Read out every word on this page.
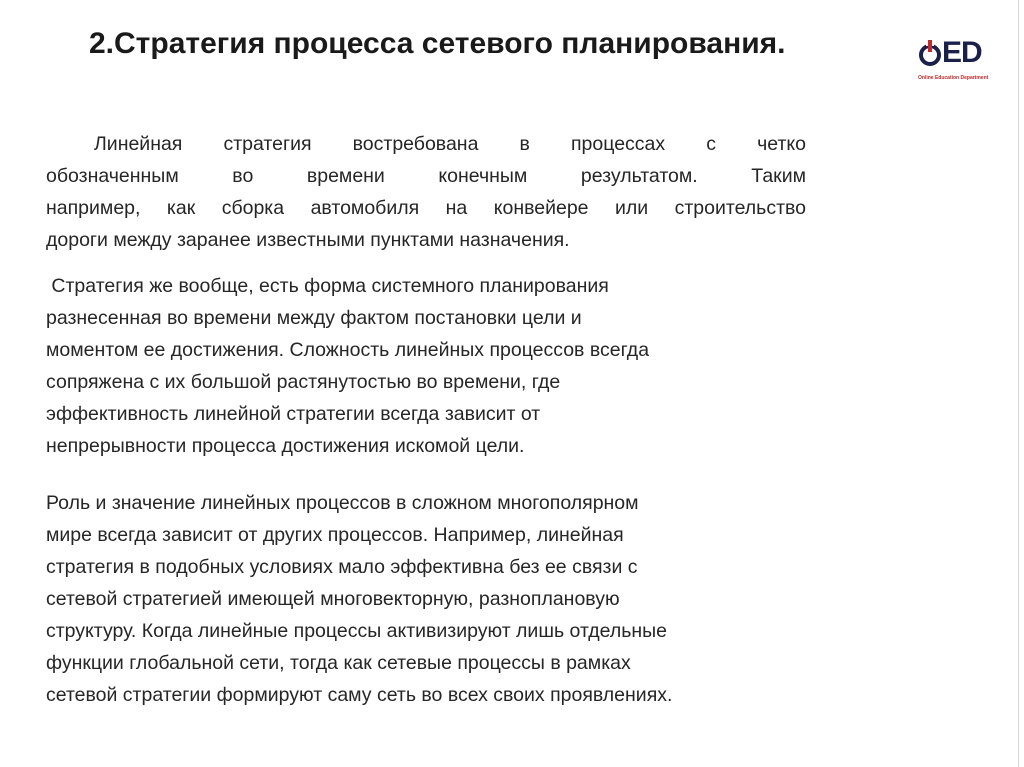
2.Стратегия процесса сетевого планирования.	ED
Online Education Department
Линейная стратегия востребована в процессах с четко
обозначенным во времени конечным результатом. Таким
например, как сборка автомобиля на конвейере или строительство
дороги между заранее известными пунктами назначения.
Стратегия же вообще, есть форма системного планирования
разнесенная во времени между фактом постановки цели и
моментом ее достижения. Сложность линейных процессов всегда
сопряжена с их большой растянутостью во времени, где
эффективность линейной стратегии всегда зависит от
непрерывности процесса достижения искомой цели.
Роль и значение линейных процессов в сложном многополярном
мире всегда зависит от других процессов. Например, линейная
стратегия в подобных условиях мало эффективна без ее связи с
сетевой стратегией имеющей многовекторную, разноплановую
структуру. Когда линейные процессы активизируют лишь отдельные
функции глобальной сети, тогда как сетевые процессы в рамках
сетевой стратегии формируют саму сеть во всех своих проявлениях.
